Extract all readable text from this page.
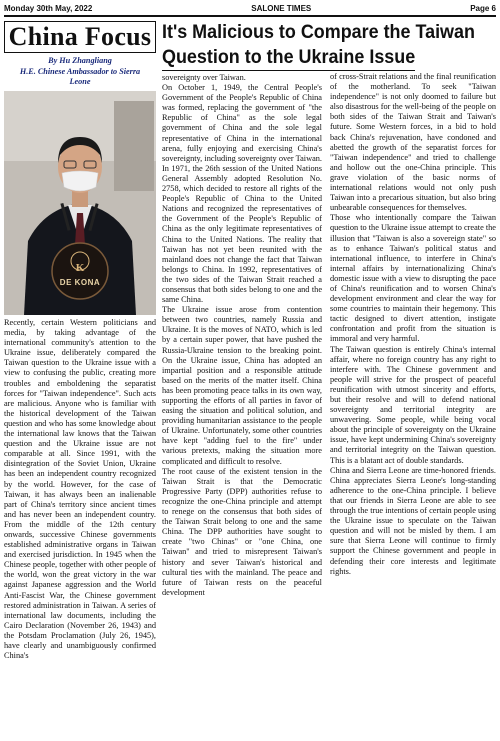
Monday 30th May, 2022	SALONE TIMES	Page 6
China Focus
By Hu Zhangliang
H.E. Chinese Ambassador to Sierra
Leone
K
DE KONA
It's Malicious to Compare the Taiwan
Question to the Ukraine Issue

Recently, certain Western politicians and media, by taking advantage of the international community's attention to the Ukraine issue, deliberately compared the Taiwan question to the Ukraine issue with a view to confusing the public, creating more troubles and emboldening the separatist forces for "Taiwan independence". Such acts are malicious. Anyone who is familiar with the historical development of the Taiwan question and who has some knowledge about the international law knows that the Taiwan question and the Ukraine issue are not comparable at all. Since 1991, with the disintegration of the Soviet Union, Ukraine has been an independent country recognized by the world. However, for the case of Taiwan, it has always been an inalienable part of China's territory since ancient times and has never been an independent country. From the middle of the 12th century onwards, successive Chinese governments established administrative organs in Taiwan and exercised jurisdiction. In 1945 when the Chinese people, together with other people of the world, won the great victory in the war against Japanese aggression and the World Anti-Fascist War, the Chinese government restored administration in Taiwan. A series of international law documents, including the Cairo Declaration (November 26, 1943) and the Potsdam Proclamation (July 26, 1945), have clearly and unambiguously confirmed China's

sovereignty over Taiwan.

On October 1, 1949, the Central People's Government of the People's Republic of China was formed, replacing the government of "the Republic of China" as the sole legal government of China and the sole legal representative of China in the international arena, fully enjoying and exercising China's sovereignty, including sovereignty over Taiwan. In 1971, the 26th session of the United Nations General Assembly adopted Resolution No. 2758, which decided to restore all rights of the People's Republic of China to the United Nations and recognized the representatives of the Government of the People's Republic of China as the only legitimate representatives of China to the United Nations. The reality that Taiwan has not yet been reunited with the mainland does not change the fact that Taiwan belongs to China. In 1992, representatives of the two sides of the Taiwan Strait reached a consensus that both sides belong to one and the same China.

The Ukraine issue arose from contention between two countries, namely Russia and Ukraine. It is the moves of NATO, which is led by a certain super power, that have pushed the Russia-Ukraine tension to the breaking point. On the Ukraine issue, China has adopted an impartial position and a responsible attitude based on the merits of the matter itself. China has been promoting peace talks in its own way, supporting the efforts of all parties in favor of easing the situation and political solution, and providing humanitarian assistance to the people of Ukraine. Unfortunately, some other countries have kept "adding fuel to the fire" under various pretexts, making the situation more complicated and difficult to resolve.

The root cause of the existent tension in the Taiwan Strait is that the Democratic Progressive Party (DPP) authorities refuse to recognize the one-China principle and attempt to renege on the consensus that both sides of the Taiwan Strait belong to one and the same China. The DPP authorities have sought to create "two Chinas" or "one China, one Taiwan" and tried to misrepresent Taiwan's history and sever Taiwan's historical and cultural ties with the mainland. The peace and future of Taiwan rests on the peaceful development

of cross-Strait relations and the final reunification of the motherland. To seek "Taiwan independence" is not only doomed to failure but also disastrous for the well-being of the people on both sides of the Taiwan Strait and Taiwan's future. Some Western forces, in a bid to hold back China's rejuvenation, have condoned and abetted the growth of the separatist forces for "Taiwan independence" and tried to challenge and hollow out the one-China principle. This grave violation of the basic norms of international relations would not only push Taiwan into a precarious situation, but also bring unbearable consequences for themselves.

Those who intentionally compare the Taiwan question to the Ukraine issue attempt to create the illusion that "Taiwan is also a sovereign state" so as to enhance Taiwan's political status and international influence, to interfere in China's internal affairs by internationalizing China's domestic issue with a view to disrupting the pace of China's reunification and to worsen China's development environment and clear the way for some countries to maintain their hegemony. This tactic designed to divert attention, instigate confrontation and profit from the situation is immoral and very harmful.

The Taiwan question is entirely China's internal affair, where no foreign country has any right to interfere with. The Chinese government and people will strive for the prospect of peaceful reunification with utmost sincerity and efforts, but their resolve and will to defend national sovereignty and territorial integrity are unwavering. Some people, while being vocal about the principle of sovereignty on the Ukraine issue, have kept undermining China's sovereignty and territorial integrity on the Taiwan question. This is a blatant act of double standards.

China and Sierra Leone are time-honored friends. China appreciates Sierra Leone's long-standing adherence to the one-China principle. I believe that our friends in Sierra Leone are able to see through the true intentions of certain people using the Ukraine issue to speculate on the Taiwan question and will not be misled by them. I am sure that Sierra Leone will continue to firmly support the Chinese government and people in defending their core interests and legitimate rights.
